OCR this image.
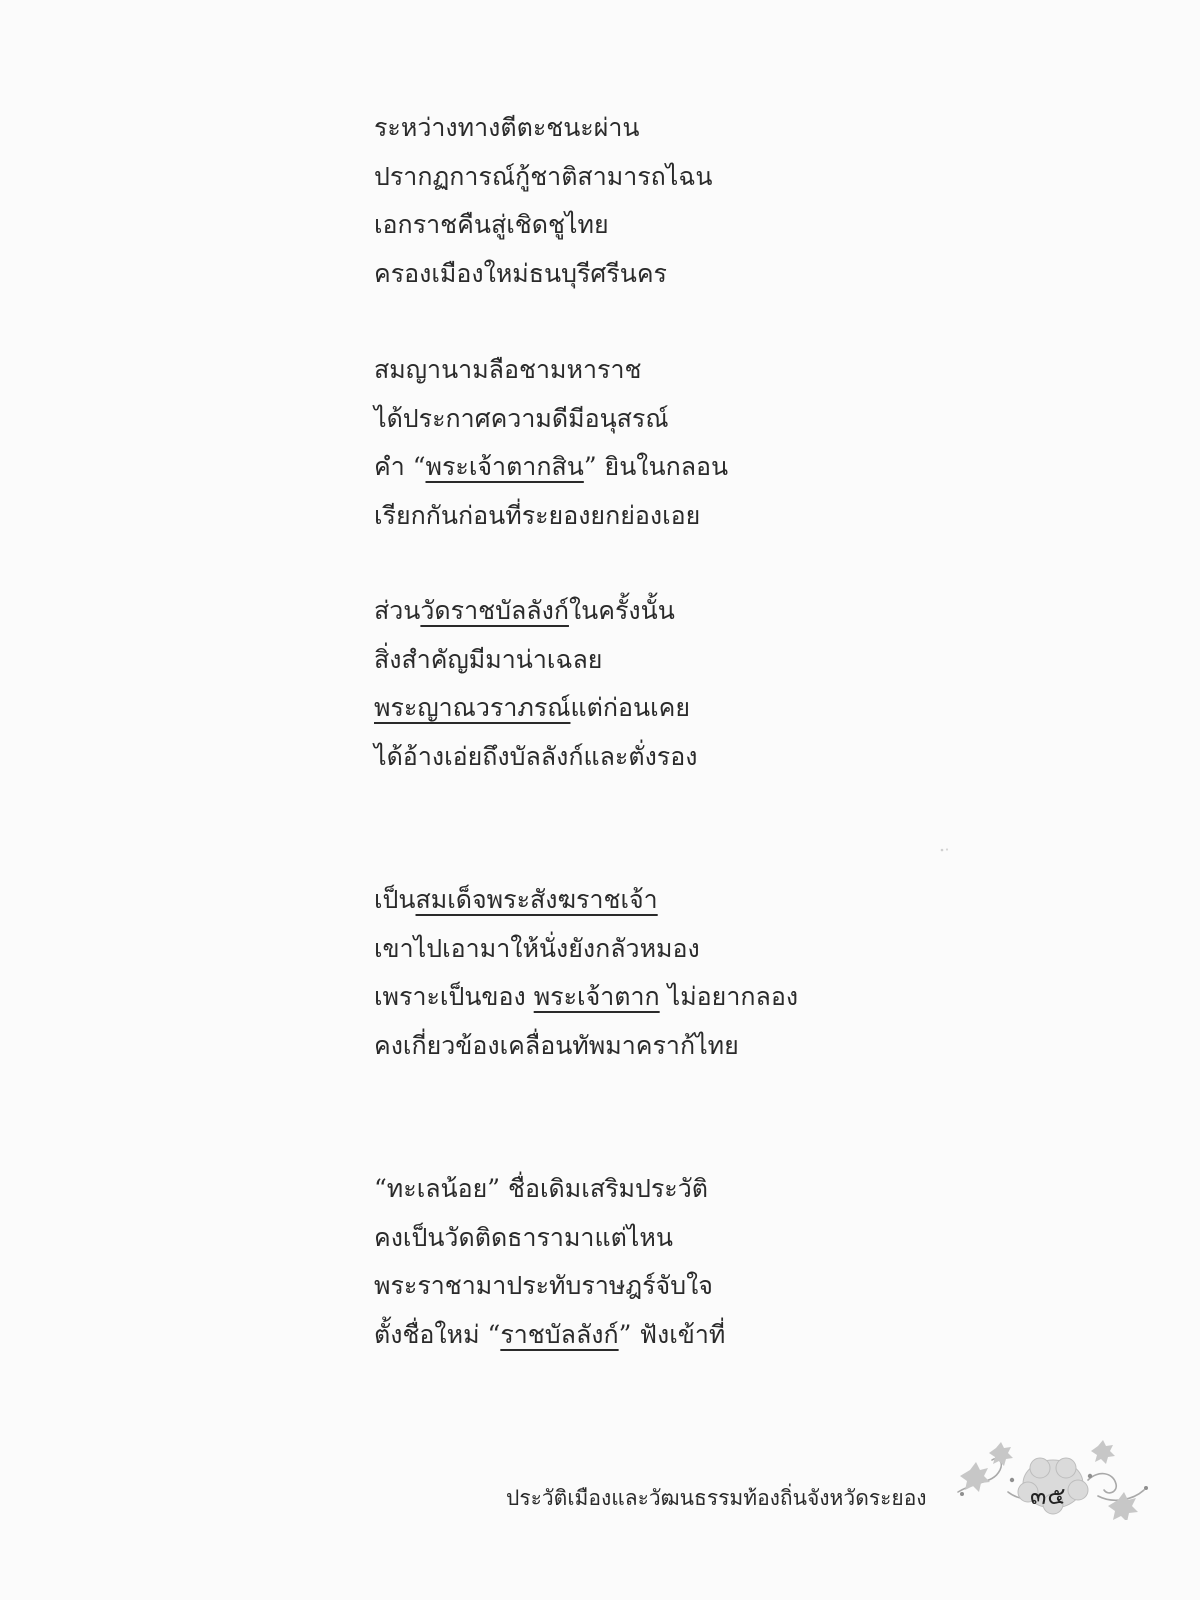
ระหว่างทางตีตะชนะผ่าน
ปรากฏการณ์กู้ชาติสามารถไฉน
เอกราชคืนสู่เชิดชูไทย
ครองเมืองใหม่ธนบุรีศรีนคร
สมญานามลือชามหาราช
ได้ประกาศความดีมีอนุสรณ์
คำ “พระเจ้าตากสิน” ยินในกลอน
เรียกกันก่อนที่ระยองยกย่องเอย
ส่วนวัดราชบัลลังก์ในครั้งนั้น
สิ่งสำคัญมีมาน่าเฉลย
พระญาณวราภรณ์แต่ก่อนเคย
ได้อ้างเอ่ยถึงบัลลังก์และตั่งรอง
เป็นสมเด็จพระสังฆราชเจ้า
เขาไปเอามาให้นั่งยังกลัวหมอง
เพราะเป็นของ พระเจ้าตาก ไม่อยากลอง
คงเกี่ยวข้องเคลื่อนทัพมาคราก้ไทย
“ทะเลน้อย” ชื่อเดิมเสริมประวัติ
คงเป็นวัดติดธารามาแต่ไหน
พระราชามาประทับราษฎร์จับใจ
ตั้งชื่อใหม่ “ราชบัลลังก์” ฟังเข้าที่
ประวัติเมืองและวัฒนธรรมท้องถิ่นจังหวัดระยอง	๓๕
